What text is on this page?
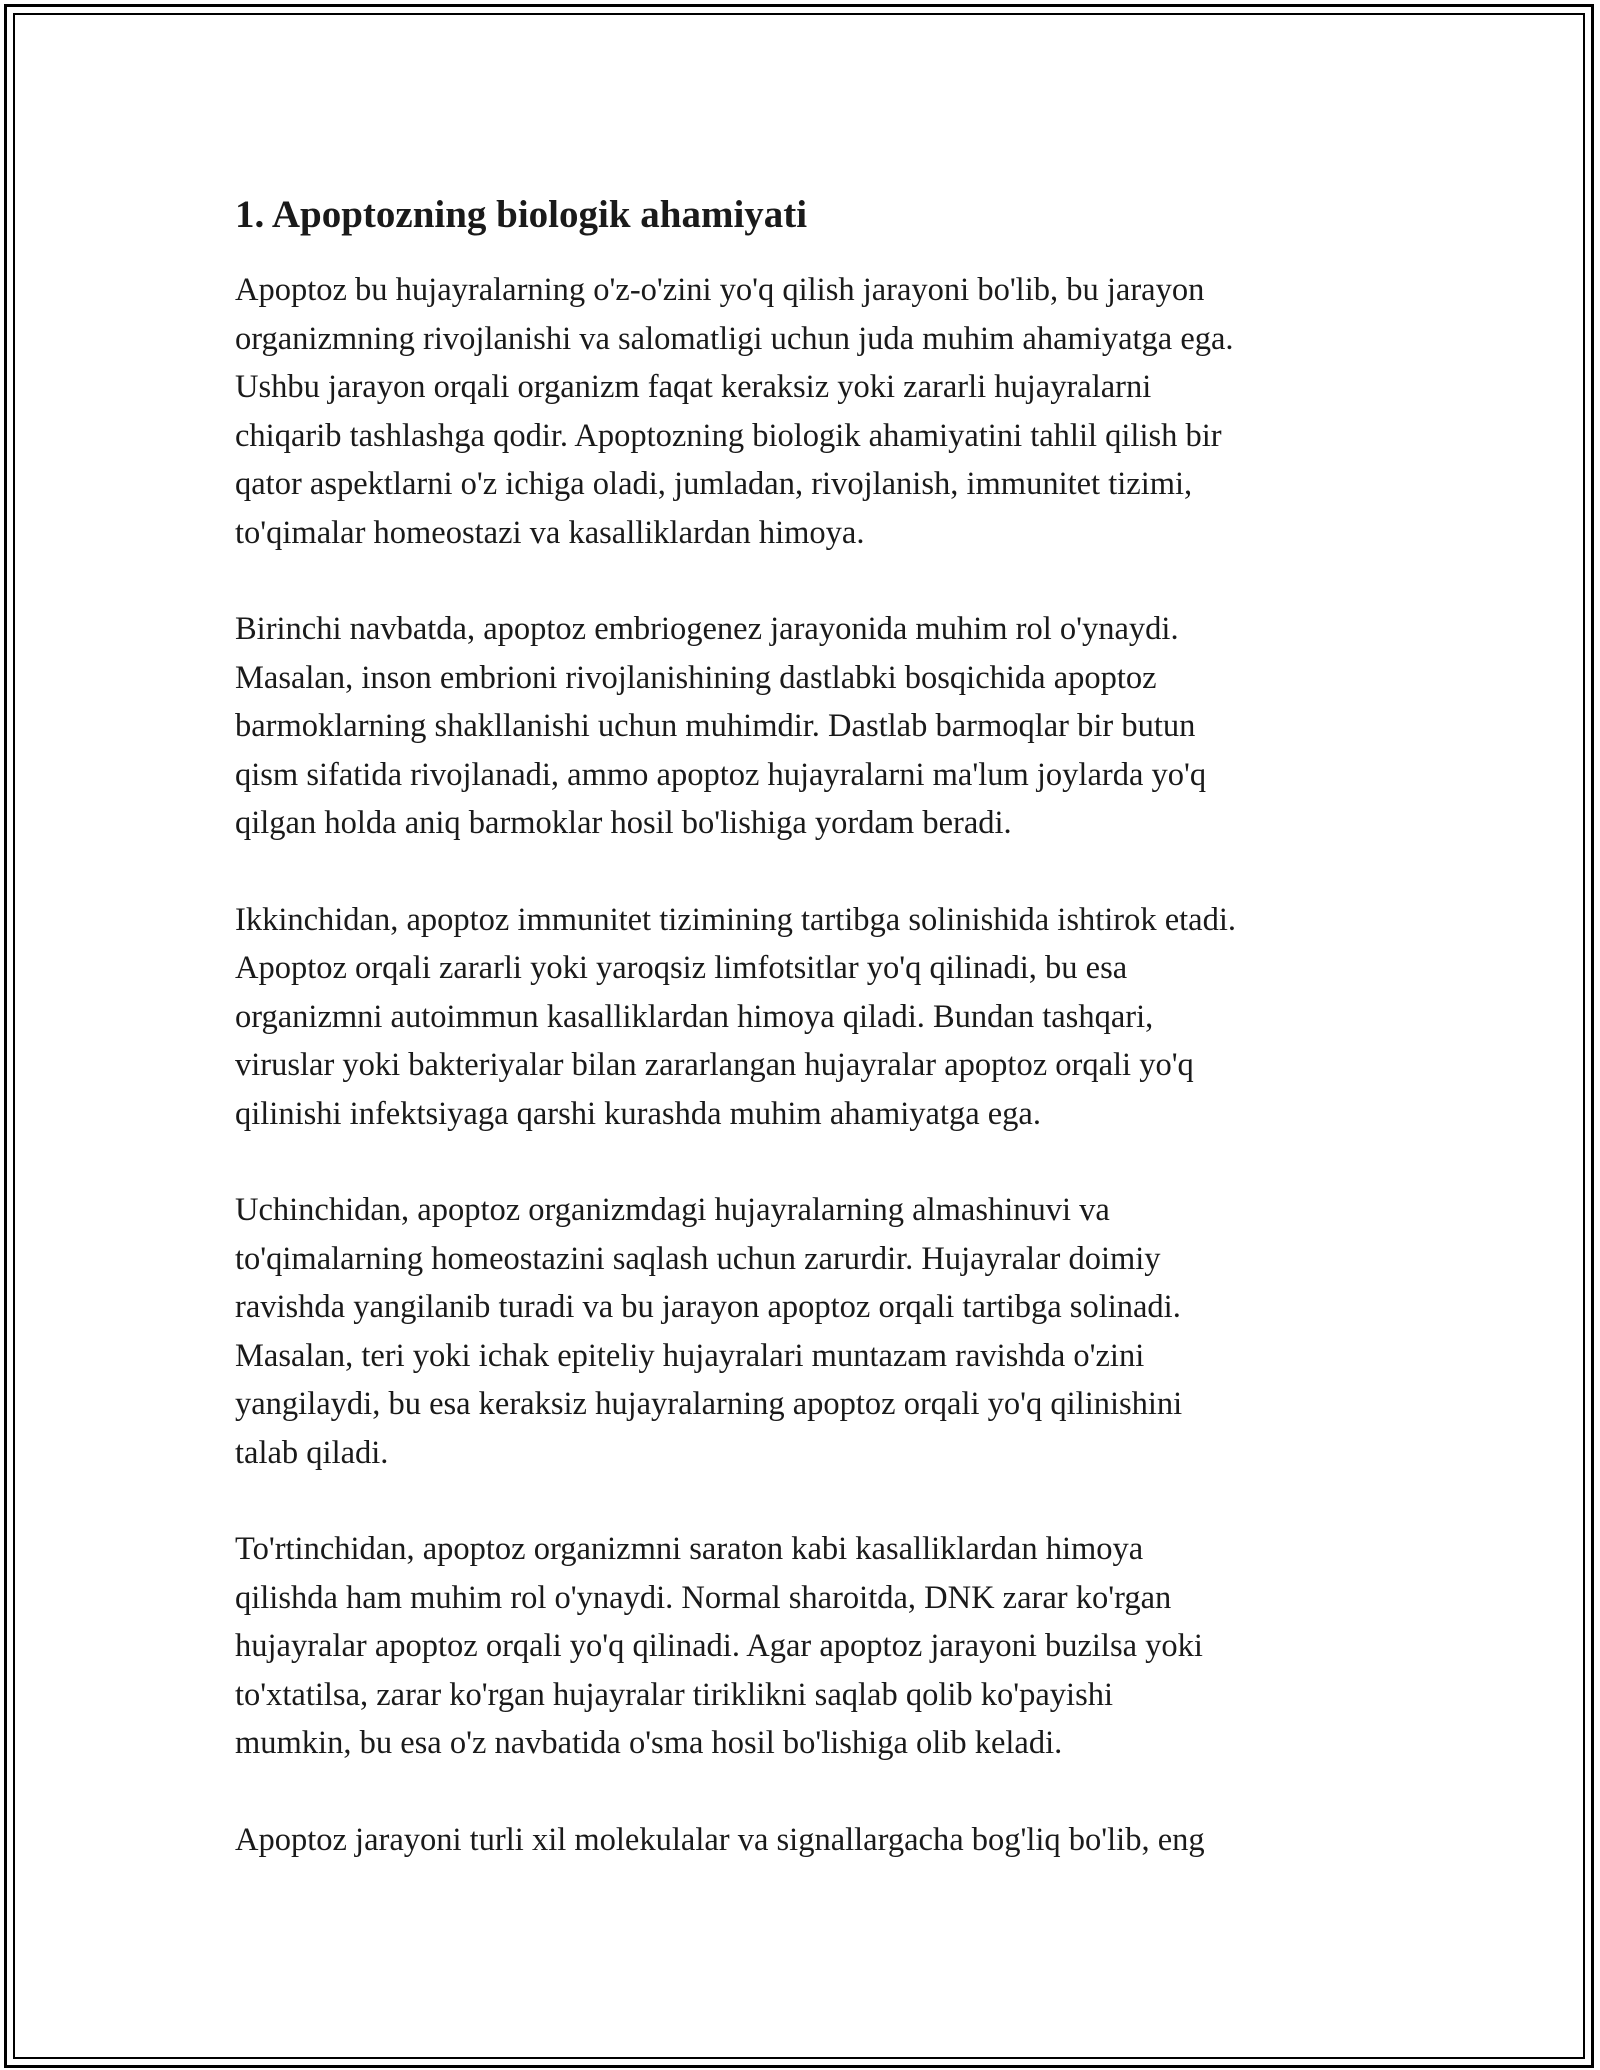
1. Apoptozning biologik ahamiyati

Apoptoz bu hujayralarning o'z-o'zini yo'q qilish jarayoni bo'lib, bu jarayon
organizmning rivojlanishi va salomatligi uchun juda muhim ahamiyatga ega.
Ushbu jarayon orqali organizm faqat keraksiz yoki zararli hujayralarni
chiqarib tashlashga qodir. Apoptozning biologik ahamiyatini tahlil qilish bir
qator aspektlarni o'z ichiga oladi, jumladan, rivojlanish, immunitet tizimi,
to'qimalar homeostazi va kasalliklardan himoya.

Birinchi navbatda, apoptoz embriogenez jarayonida muhim rol o'ynaydi.
Masalan, inson embrioni rivojlanishining dastlabki bosqichida apoptoz
barmoklarning shakllanishi uchun muhimdir. Dastlab barmoqlar bir butun
qism sifatida rivojlanadi, ammo apoptoz hujayralarni ma'lum joylarda yo'q
qilgan holda aniq barmoklar hosil bo'lishiga yordam beradi.

Ikkinchidan, apoptoz immunitet tizimining tartibga solinishida ishtirok etadi.
Apoptoz orqali zararli yoki yaroqsiz limfotsitlar yo'q qilinadi, bu esa
organizmni autoimmun kasalliklardan himoya qiladi. Bundan tashqari,
viruslar yoki bakteriyalar bilan zararlangan hujayralar apoptoz orqali yo'q
qilinishi infektsiyaga qarshi kurashda muhim ahamiyatga ega.

Uchinchidan, apoptoz organizmdagi hujayralarning almashinuvi va
to'qimalarning homeostazini saqlash uchun zarurdir. Hujayralar doimiy
ravishda yangilanib turadi va bu jarayon apoptoz orqali tartibga solinadi.
Masalan, teri yoki ichak epiteliy hujayralari muntazam ravishda o'zini
yangilaydi, bu esa keraksiz hujayralarning apoptoz orqali yo'q qilinishini
talab qiladi.

To'rtinchidan, apoptoz organizmni saraton kabi kasalliklardan himoya
qilishda ham muhim rol o'ynaydi. Normal sharoitda, DNK zarar ko'rgan
hujayralar apoptoz orqali yo'q qilinadi. Agar apoptoz jarayoni buzilsa yoki
to'xtatilsa, zarar ko'rgan hujayralar tiriklikni saqlab qolib ko'payishi
mumkin, bu esa o'z navbatida o'sma hosil bo'lishiga olib keladi.

Apoptoz jarayoni turli xil molekulalar va signallargacha bog'liq bo'lib, eng
